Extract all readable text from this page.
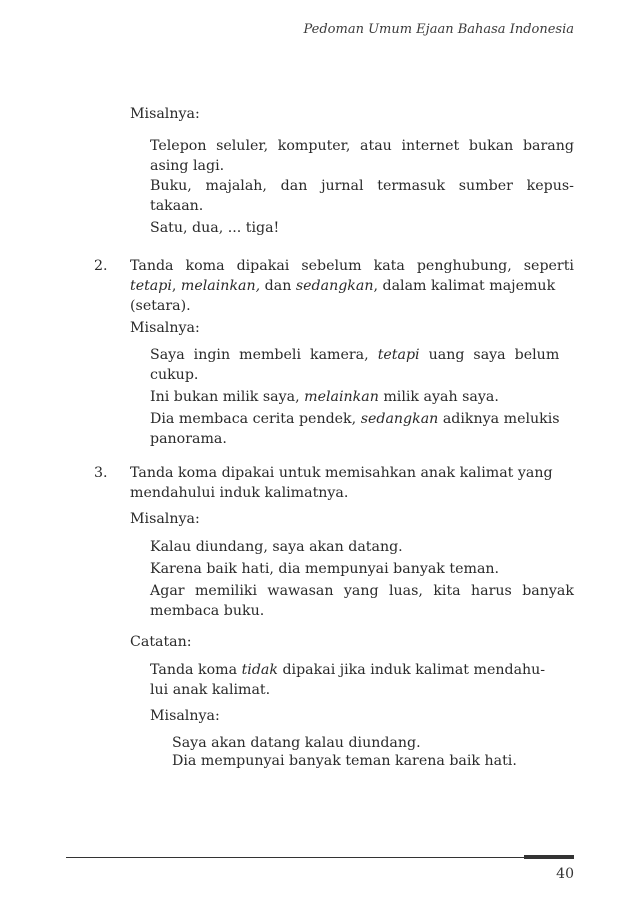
Pedoman Umum Ejaan Bahasa Indonesia
Misalnya:
Telepon seluler, komputer, atau internet bukan barang
asing lagi.
Buku, majalah, dan jurnal termasuk sumber kepus-
takaan.
Satu, dua, ... tiga!
2. Tanda koma dipakai sebelum kata penghubung, seperti
tetapi, melainkan, dan sedangkan, dalam kalimat majemuk
(setara).
Misalnya:
Saya  ingin  membeli  kamera,  tetapi  uang  saya  belum
cukup.
Ini bukan milik saya, melainkan milik ayah saya.
Dia membaca cerita pendek, sedangkan adiknya melukis
panorama.
3. Tanda koma dipakai untuk memisahkan anak kalimat yang
mendahului induk kalimatnya.
Misalnya:
Kalau diundang, saya akan datang.
Karena baik hati, dia mempunyai banyak teman.
Agar memiliki wawasan yang luas, kita harus banyak
membaca buku.
Catatan:
Tanda koma tidak dipakai jika induk kalimat mendahu-
lui anak kalimat.
Misalnya:
Saya akan datang kalau diundang.
Dia mempunyai banyak teman karena baik hati.
40
